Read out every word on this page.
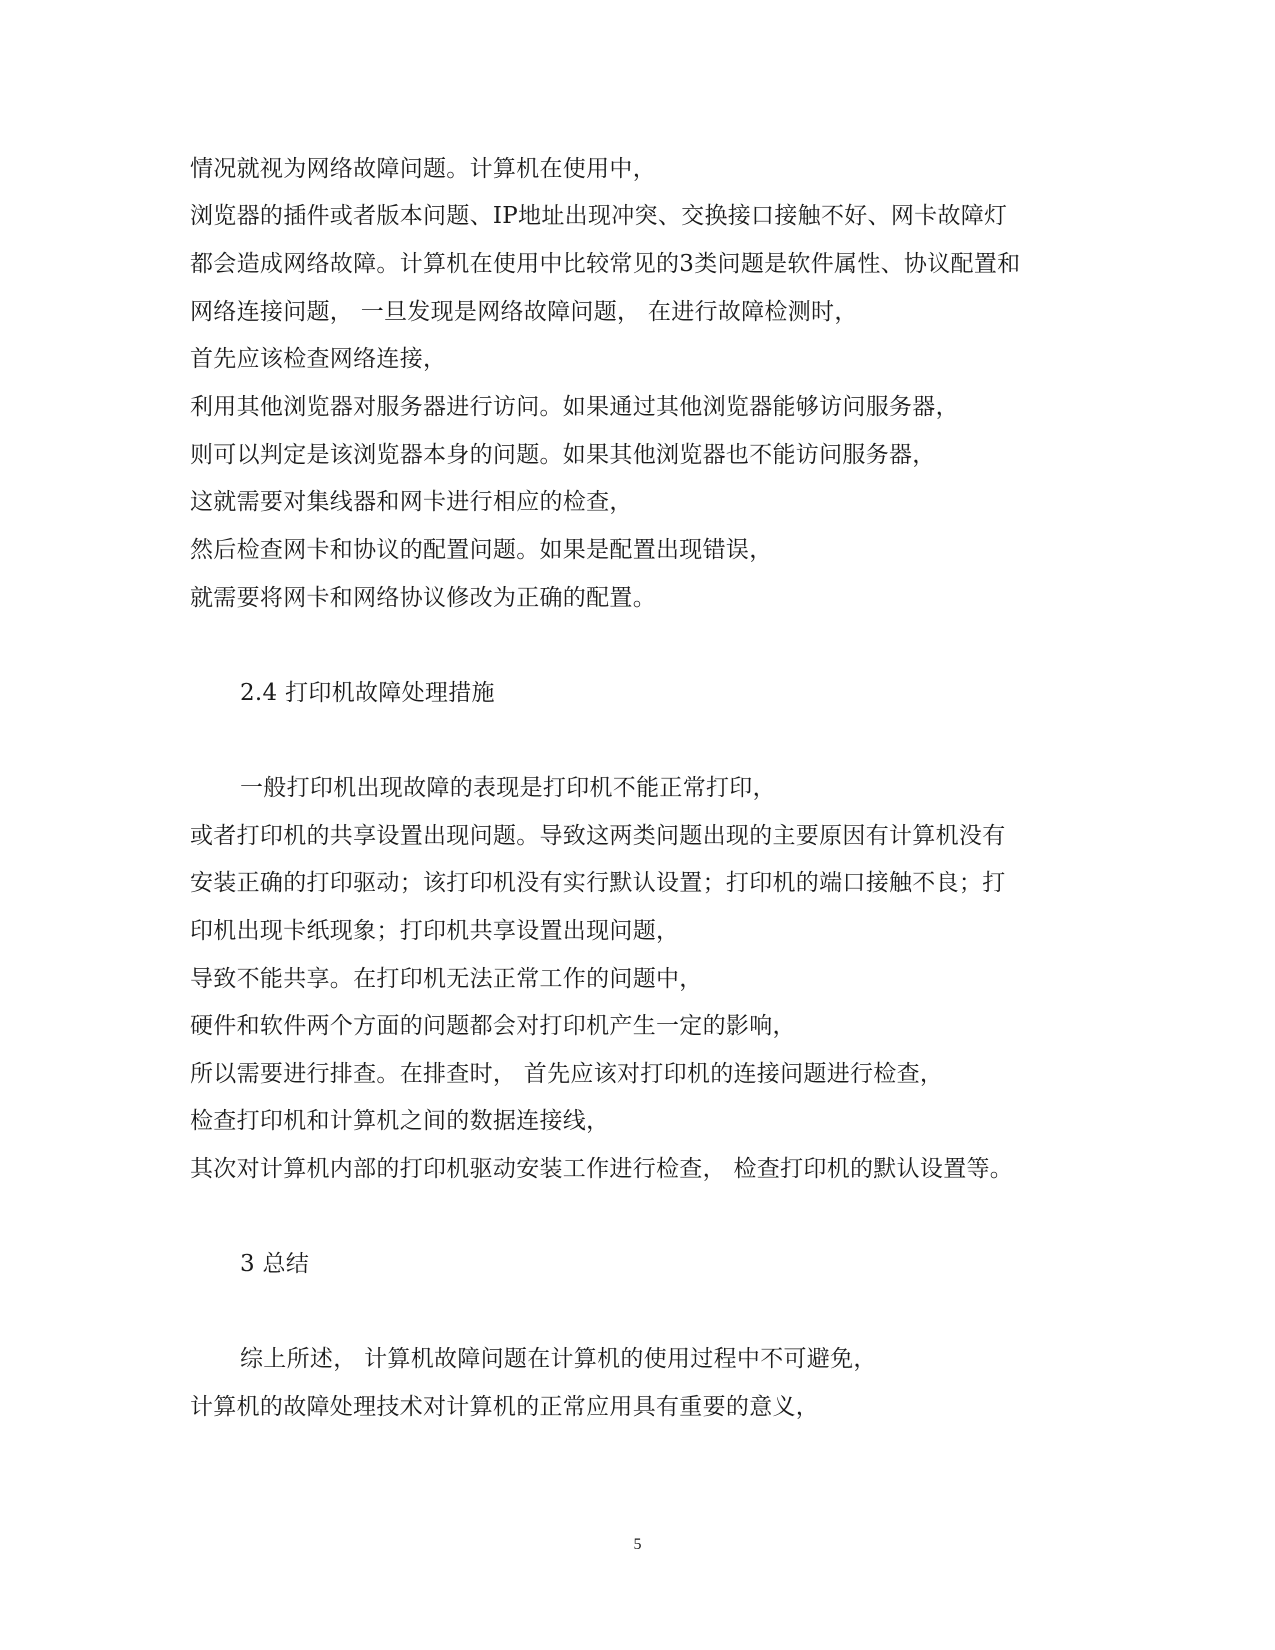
情况就视为网络故障问题。计算机在使用中，
浏览器的插件或者版本问题、IP地址出现冲突、交换接口接触不好、网卡故障灯
都会造成网络故障。计算机在使用中比较常见的3类问题是软件属性、协议配置和
网络连接问题， 一旦发现是网络故障问题， 在进行故障检测时，
首先应该检查网络连接，
利用其他浏览器对服务器进行访问。如果通过其他浏览器能够访问服务器，
则可以判定是该浏览器本身的问题。如果其他浏览器也不能访问服务器，
这就需要对集线器和网卡进行相应的检查，
然后检查网卡和协议的配置问题。如果是配置出现错误，
就需要将网卡和网络协议修改为正确的配置。
2.4 打印机故障处理措施
一般打印机出现故障的表现是打印机不能正常打印，
或者打印机的共享设置出现问题。导致这两类问题出现的主要原因有计算机没有
安装正确的打印驱动；该打印机没有实行默认设置；打印机的端口接触不良；打
印机出现卡纸现象；打印机共享设置出现问题，
导致不能共享。在打印机无法正常工作的问题中，
硬件和软件两个方面的问题都会对打印机产生一定的影响，
所以需要进行排查。在排查时， 首先应该对打印机的连接问题进行检查，
检查打印机和计算机之间的数据连接线，
其次对计算机内部的打印机驱动安装工作进行检查， 检查打印机的默认设置等。
3 总结
综上所述， 计算机故障问题在计算机的使用过程中不可避免，
计算机的故障处理技术对计算机的正常应用具有重要的意义，
5
